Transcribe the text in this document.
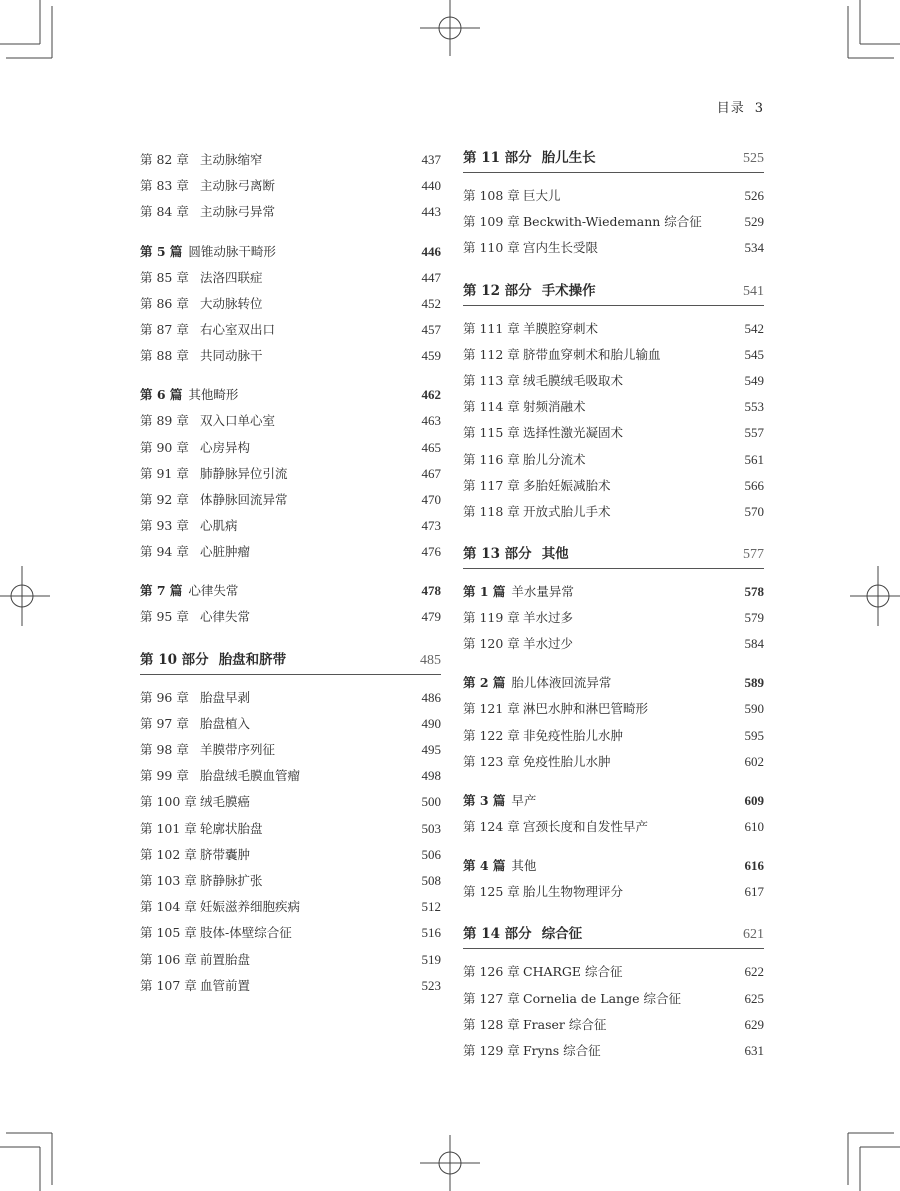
目录 3
第 82 章 主动脉缩窄	437
第 83 章 主动脉弓离断	440
第 84 章 主动脉弓异常	443
第 5 篇 圆锥动脉干畸形	446
第 85 章 法洛四联症	447
第 86 章 大动脉转位	452
第 87 章 右心室双出口	457
第 88 章 共同动脉干	459
第 6 篇 其他畸形	462
第 89 章 双入口单心室	463
第 90 章 心房异构	465
第 91 章 肺静脉异位引流	467
第 92 章 体静脉回流异常	470
第 93 章 心肌病	473
第 94 章 心脏肿瘤	476
第 7 篇 心律失常	478
第 95 章 心律失常	479
第 10 部分 胎盘和脐带	485
第 96 章 胎盘早剥	486
第 97 章 胎盘植入	490
第 98 章 羊膜带序列征	495
第 99 章 胎盘绒毛膜血管瘤	498
第 100 章 绒毛膜癌	500
第 101 章 轮廓状胎盘	503
第 102 章 脐带囊肿	506
第 103 章 脐静脉扩张	508
第 104 章 妊娠滋养细胞疾病	512
第 105 章 肢体-体壁综合征	516
第 106 章 前置胎盘	519
第 107 章 血管前置	523
第 11 部分 胎儿生长	525
第 108 章 巨大儿	526
第 109 章 Beckwith-Wiedemann 综合征	529
第 110 章 宫内生长受限	534
第 12 部分 手术操作	541
第 111 章 羊膜腔穿刺术	542
第 112 章 脐带血穿刺术和胎儿输血	545
第 113 章 绒毛膜绒毛吸取术	549
第 114 章 射频消融术	553
第 115 章 选择性激光凝固术	557
第 116 章 胎儿分流术	561
第 117 章 多胎妊娠减胎术	566
第 118 章 开放式胎儿手术	570
第 13 部分 其他	577
第 1 篇 羊水量异常	578
第 119 章 羊水过多	579
第 120 章 羊水过少	584
第 2 篇 胎儿体液回流异常	589
第 121 章 淋巴水肿和淋巴管畸形	590
第 122 章 非免疫性胎儿水肿	595
第 123 章 免疫性胎儿水肿	602
第 3 篇 早产	609
第 124 章 宫颈长度和自发性早产	610
第 4 篇 其他	616
第 125 章 胎儿生物物理评分	617
第 14 部分 综合征	621
第 126 章 CHARGE 综合征	622
第 127 章 Cornelia de Lange 综合征	625
第 128 章 Fraser 综合征	629
第 129 章 Fryns 综合征	631
